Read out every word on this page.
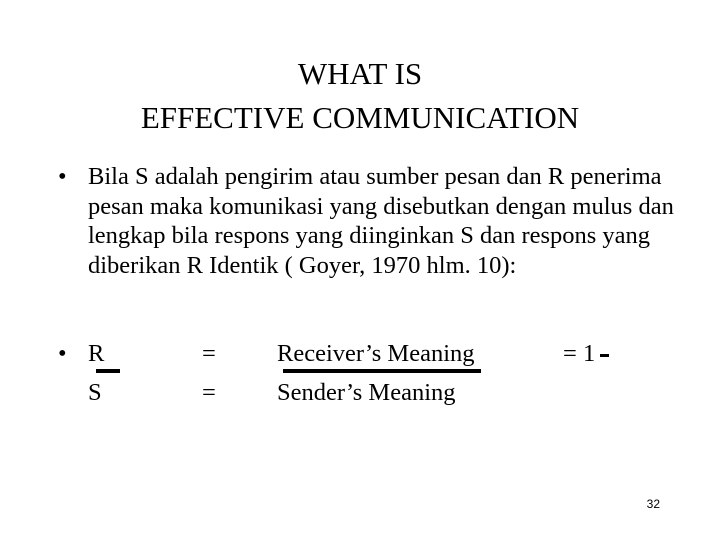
WHAT IS
EFFECTIVE COMMUNICATION
• Bila S adalah pengirim atau sumber pesan dan R penerima pesan maka komunikasi yang disebutkan dengan mulus dan lengkap bila respons yang diinginkan S dan respons yang diberikan R Identik ( Goyer, 1970 hlm. 10):
• R	= Receiver’s Meaning	= 1
S	= Sender’s Meaning
32
